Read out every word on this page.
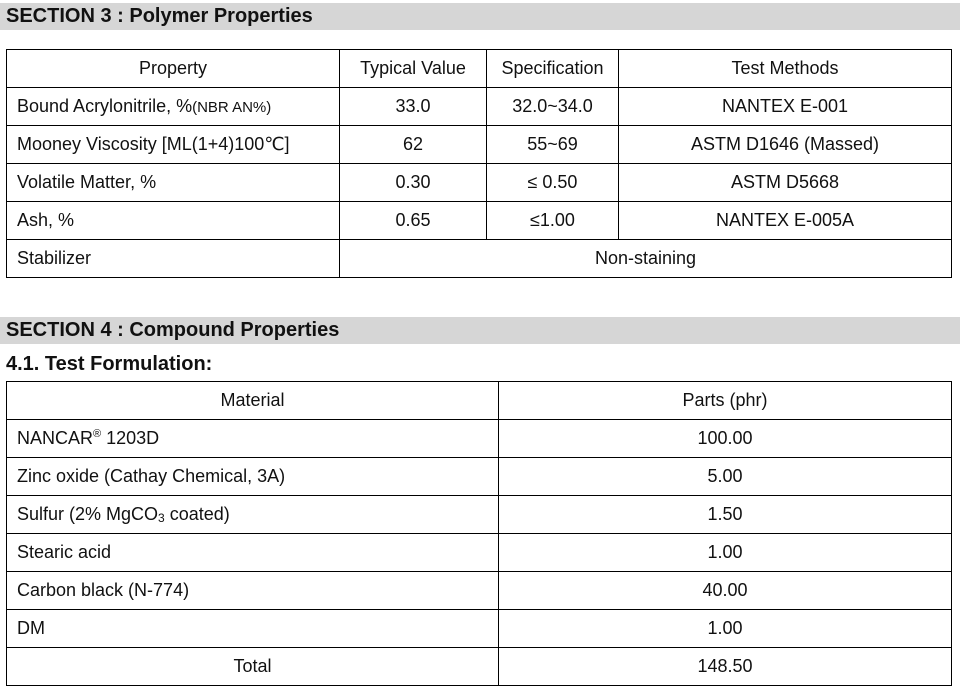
SECTION 3 : Polymer Properties
Property	Typical Value	Specification	Test Methods
Bound Acrylonitrile, %(NBR AN%)	33.0	32.0~34.0	NANTEX E-001
Mooney Viscosity [ML(1+4)100℃]	62	55~69	ASTM D1646 (Massed)
Volatile Matter, %	0.30	≤ 0.50	ASTM D5668
Ash, %	0.65	≤1.00	NANTEX E-005A
Stabilizer	Non-staining		
SECTION 4 : Compound Properties
4.1. Test Formulation:
Material	Parts (phr)
NANCAR® 1203D	100.00
Zinc oxide (Cathay Chemical, 3A)	5.00
Sulfur (2% MgCO$_3$ coated)	1.50
Stearic acid	1.00
Carbon black (N-774)	40.00
DM	1.00
Total	148.50
